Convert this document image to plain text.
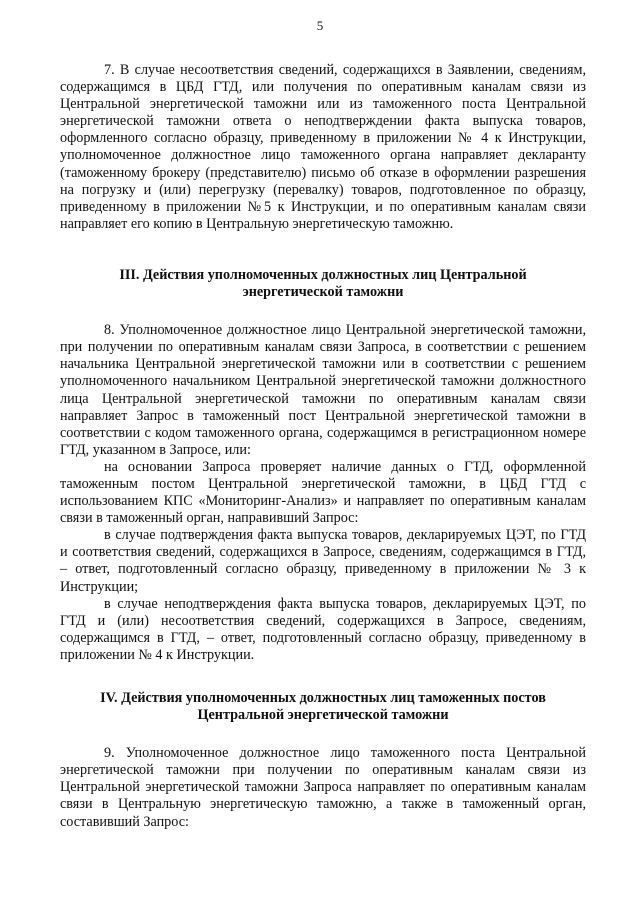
5

7. В случае несоответствия сведений, содержащихся в Заявлении, сведениям, содержащимся в ЦБД ГТД, или получения по оперативным каналам связи из Центральной энергетической таможни или из таможенного поста Центральной энергетической таможни ответа о неподтверждении факта выпуска товаров, оформленного согласно образцу, приведенному в приложении № 4 к Инструкции, уполномоченное должностное лицо таможенного органа направляет декларанту (таможенному брокеру (представителю) письмо об отказе в оформлении разрешения на погрузку и (или) перегрузку (перевалку) товаров, подготовленное по образцу, приведенному в приложении №5 к Инструкции, и по оперативным каналам связи направляет его копию в Центральную энергетическую таможню.

III. Действия уполномоченных должностных лиц Центральной энергетической таможни

8. Уполномоченное должностное лицо Центральной энергетической таможни, при получении по оперативным каналам связи Запроса, в соответствии с решением начальника Центральной энергетической таможни или в соответствии с решением уполномоченного начальником Центральной энергетической таможни должностного лица Центральной энергетической таможни по оперативным каналам связи направляет Запрос в таможенный пост Центральной энергетической таможни в соответствии с кодом таможенного органа, содержащимся в регистрационном номере ГТД, указанном в Запросе, или:

на основании Запроса проверяет наличие данных о ГТД, оформленной таможенным постом Центральной энергетической таможни, в ЦБД ГТД с использованием КПС «Мониторинг-Анализ» и направляет по оперативным каналам связи в таможенный орган, направивший Запрос:

в случае подтверждения факта выпуска товаров, декларируемых ЦЭТ, по ГТД и соответствия сведений, содержащихся в Запросе, сведениям, содержащимся в ГТД, – ответ, подготовленный согласно образцу, приведенному в приложении № 3 к Инструкции;

в случае неподтверждения факта выпуска товаров, декларируемых ЦЭТ, по ГТД и (или) несоответствия сведений, содержащихся в Запросе, сведениям, содержащимся в ГТД, – ответ, подготовленный согласно образцу, приведенному в приложении № 4 к Инструкции.

IV. Действия уполномоченных должностных лиц таможенных постов Центральной энергетической таможни

9. Уполномоченное должностное лицо таможенного поста Центральной энергетической таможни при получении по оперативным каналам связи из Центральной энергетической таможни Запроса направляет по оперативным каналам связи в Центральную энергетическую таможню, а также в таможенный орган, составивший Запрос:
